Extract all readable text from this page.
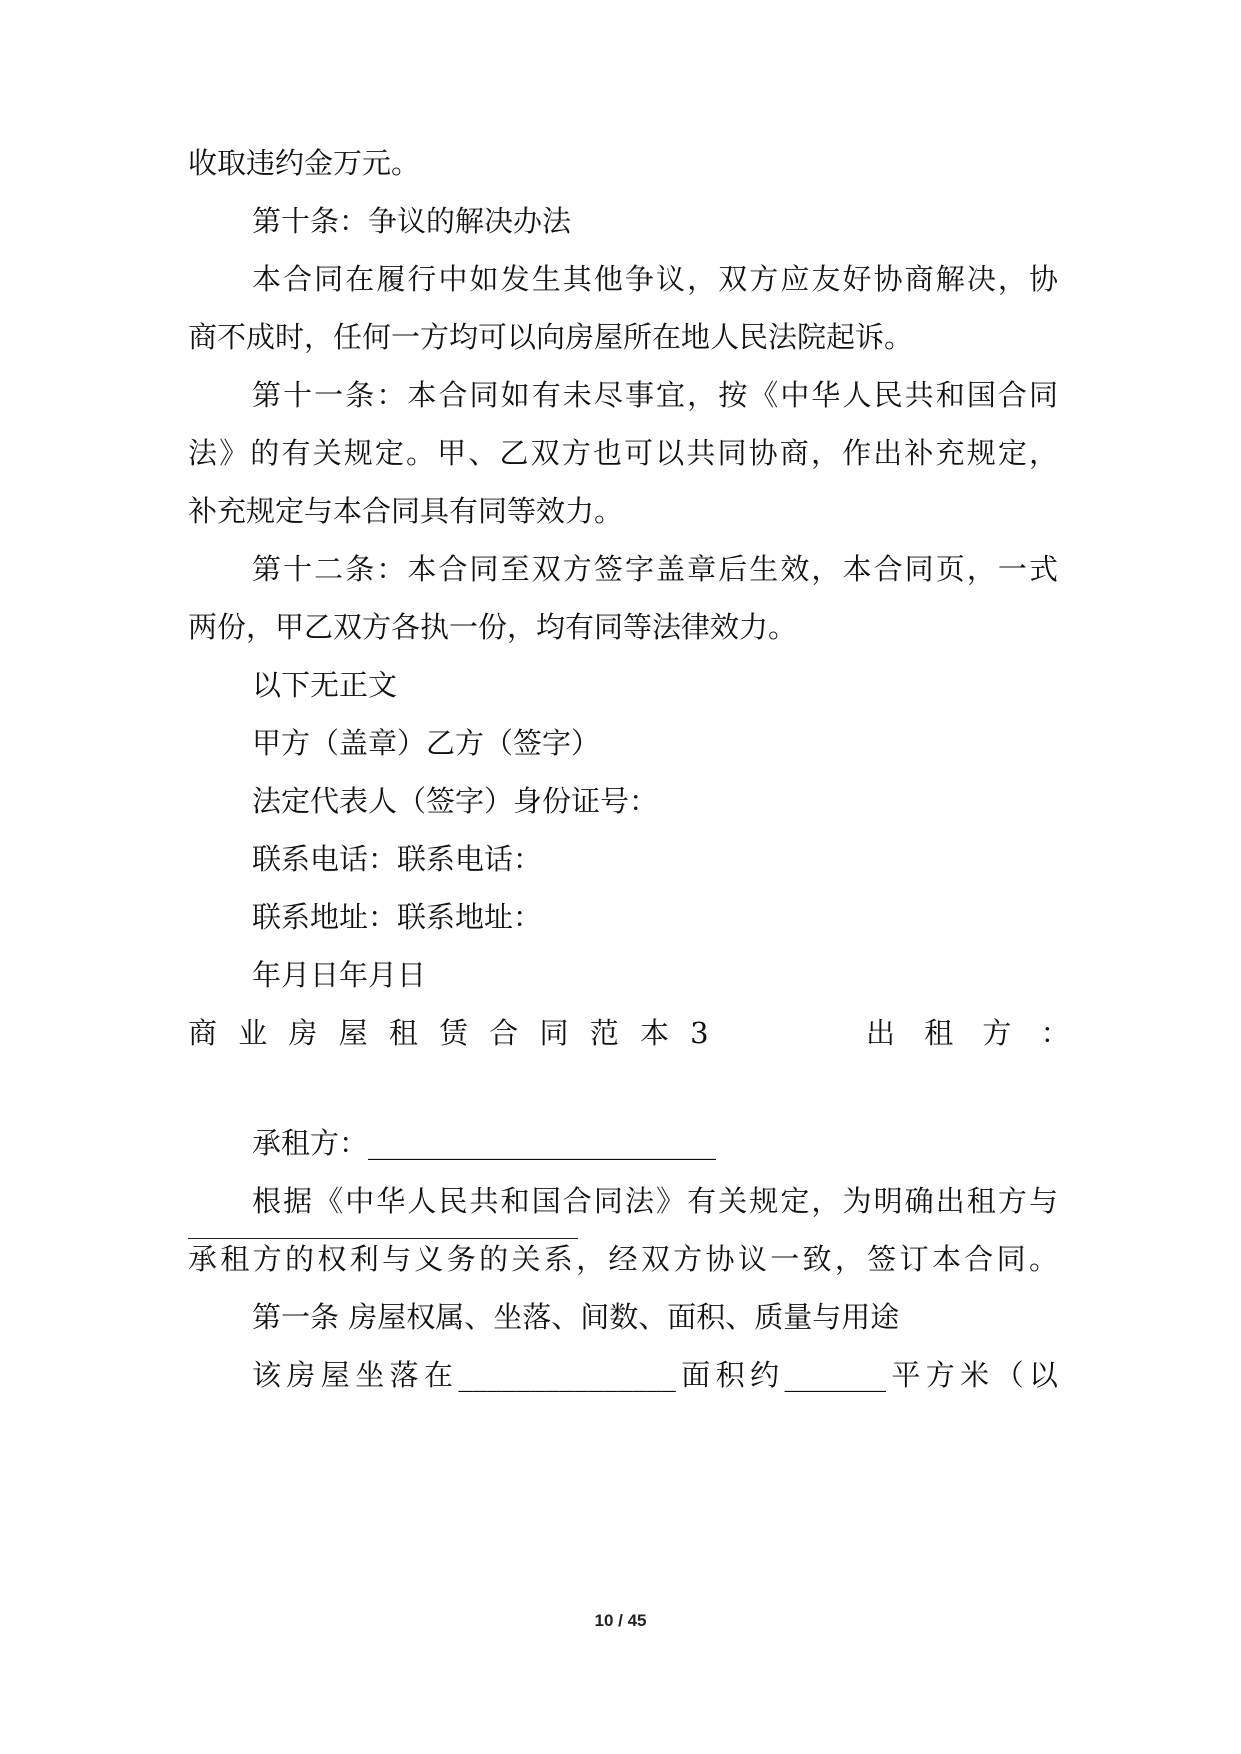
收取违约金万元。
第十条：争议的解决办法
本合同在履行中如发生其他争议，双方应友好协商解决，协
商不成时，任何一方均可以向房屋所在地人民法院起诉。
第十一条：本合同如有未尽事宜，按《中华人民共和国合同
法》的有关规定。甲、乙双方也可以共同协商，作出补充规定，
补充规定与本合同具有同等效力。
第十二条：本合同至双方签字盖章后生效，本合同页，一式
两份，甲乙双方各执一份，均有同等法律效力。
以下无正文
甲方（盖章）乙方（签字）
法定代表人（签字）身份证号：
联系电话：联系电话：
联系地址：联系地址：
年月日年月日
商 业 房 屋 租 赁 合 同 范 本 3	出 租 方 ：
承租方：________________________
根据《中华人民共和国合同法》有关规定，为明确出租方与
承租方的权利与义务的关系，经双方协议一致，签订本合同。
第一条 房屋权属、坐落、间数、面积、质量与用途
该房屋坐落在_______________面积约_______平方米（以
10 / 45
